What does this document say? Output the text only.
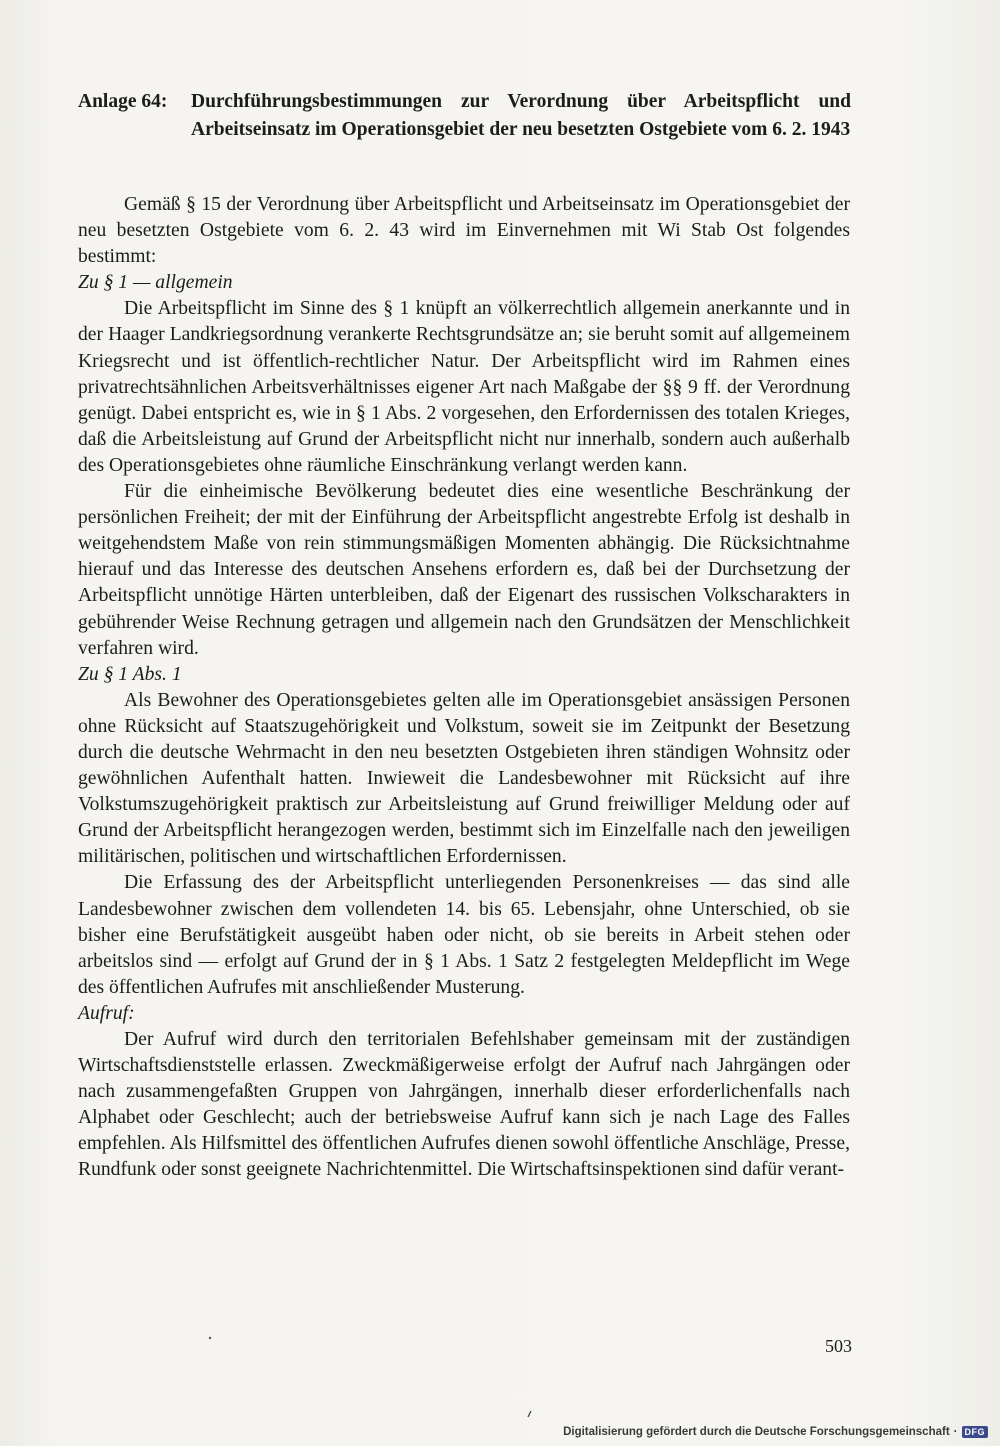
Anlage 64: Durchführungsbestimmungen zur Verordnung über Arbeitspflicht und Arbeitseinsatz im Operationsgebiet der neu besetzten Ostgebiete vom 6. 2. 1943

Gemäß § 15 der Verordnung über Arbeitspflicht und Arbeitseinsatz im Operationsgebiet der neu besetzten Ostgebiete vom 6. 2. 43 wird im Einvernehmen mit Wi Stab Ost folgendes bestimmt:

Zu § 1 — allgemein

Die Arbeitspflicht im Sinne des § 1 knüpft an völkerrechtlich allgemein anerkannte und in der Haager Landkriegsordnung verankerte Rechtsgrundsätze an; sie beruht somit auf allgemeinem Kriegsrecht und ist öffentlich-rechtlicher Natur. Der Arbeitspflicht wird im Rahmen eines privatrechtsähnlichen Arbeitsverhältnisses eigener Art nach Maßgabe der §§ 9 ff. der Verordnung genügt. Dabei entspricht es, wie in § 1 Abs. 2 vorgesehen, den Erfordernissen des totalen Krieges, daß die Arbeitsleistung auf Grund der Arbeitspflicht nicht nur innerhalb, sondern auch außerhalb des Operationsgebietes ohne räumliche Einschränkung verlangt werden kann.

Für die einheimische Bevölkerung bedeutet dies eine wesentliche Beschränkung der persönlichen Freiheit; der mit der Einführung der Arbeitspflicht angestrebte Erfolg ist deshalb in weitgehendstem Maße von rein stimmungsmäßigen Momenten abhängig. Die Rücksichtnahme hierauf und das Interesse des deutschen Ansehens erfordern es, daß bei der Durchsetzung der Arbeitspflicht unnötige Härten unterbleiben, daß der Eigenart des russischen Volkscharakters in gebührender Weise Rechnung getragen und allgemein nach den Grundsätzen der Menschlichkeit verfahren wird.

Zu § 1 Abs. 1

Als Bewohner des Operationsgebietes gelten alle im Operationsgebiet ansässigen Personen ohne Rücksicht auf Staatszugehörigkeit und Volkstum, soweit sie im Zeitpunkt der Besetzung durch die deutsche Wehrmacht in den neu besetzten Ostgebieten ihren ständigen Wohnsitz oder gewöhnlichen Aufenthalt hatten. Inwieweit die Landesbewohner mit Rücksicht auf ihre Volkstumszugehörigkeit praktisch zur Arbeitsleistung auf Grund freiwilliger Meldung oder auf Grund der Arbeitspflicht herangezogen werden, bestimmt sich im Einzelfalle nach den jeweiligen militärischen, politischen und wirtschaftlichen Erfordernissen.

Die Erfassung des der Arbeitspflicht unterliegenden Personenkreises — das sind alle Landesbewohner zwischen dem vollendeten 14. bis 65. Lebensjahr, ohne Unterschied, ob sie bisher eine Berufstätigkeit ausgeübt haben oder nicht, ob sie bereits in Arbeit stehen oder arbeitslos sind — erfolgt auf Grund der in § 1 Abs. 1 Satz 2 festgelegten Meldepflicht im Wege des öffentlichen Aufrufes mit anschließender Musterung.

Aufruf:

Der Aufruf wird durch den territorialen Befehlshaber gemeinsam mit der zuständigen Wirtschaftsdienststelle erlassen. Zweckmäßigerweise erfolgt der Aufruf nach Jahrgängen oder nach zusammengefaßten Gruppen von Jahrgängen, innerhalb dieser erforderlichenfalls nach Alphabet oder Geschlecht; auch der betriebsweise Aufruf kann sich je nach Lage des Falles empfehlen. Als Hilfsmittel des öffentlichen Aufrufes dienen sowohl öffentliche Anschläge, Presse, Rundfunk oder sonst geeignete Nachrichtenmittel. Die Wirtschaftsinspektionen sind dafür verant-

503
Digitalisierung gefördert durch die Deutsche Forschungsgemeinschaft · DFG
